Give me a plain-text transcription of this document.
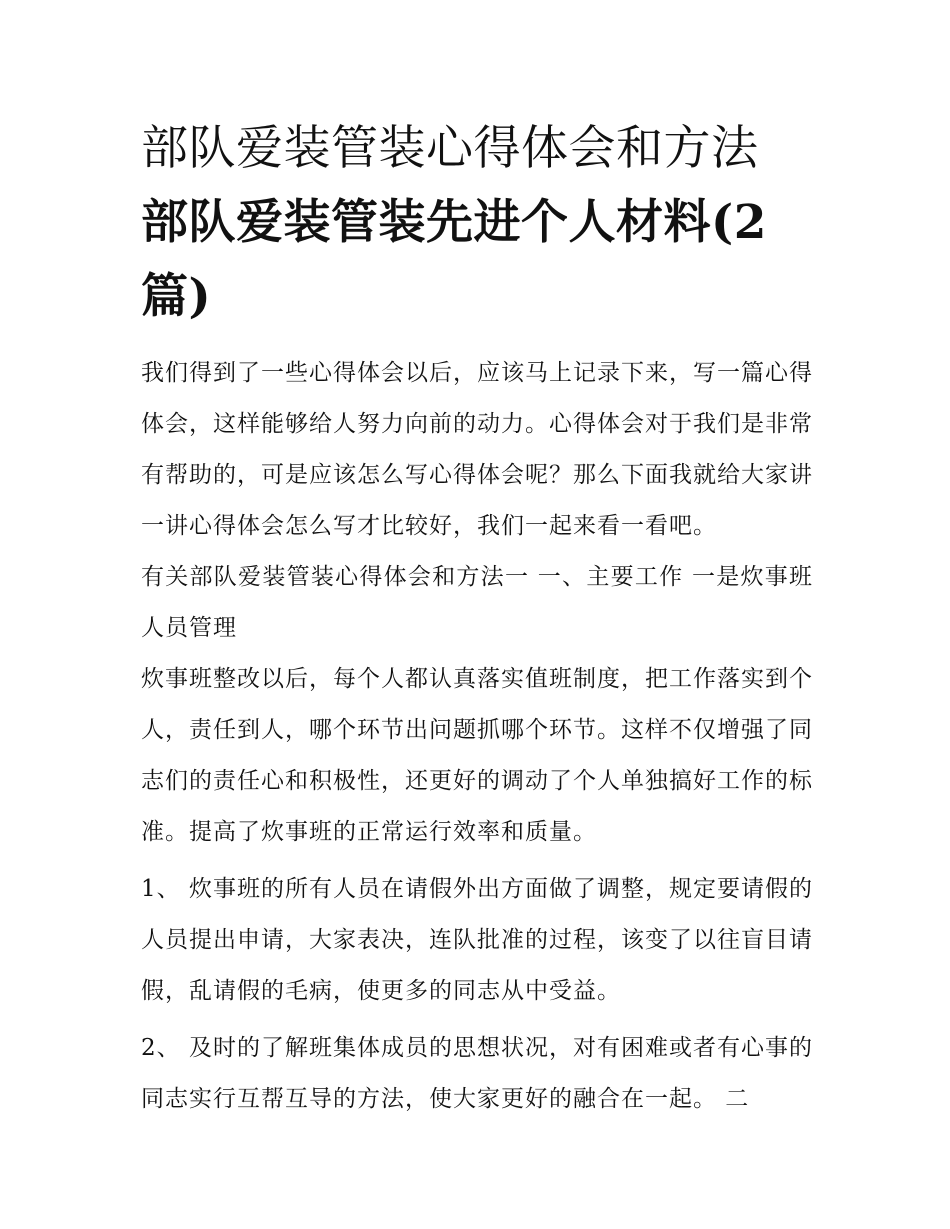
部队爱装管装心得体会和方法
部队爱装管装先进个人材料(2
篇)

我们得到了一些心得体会以后，应该马上记录下来，写一篇心得体会，这样能够给人努力向前的动力。心得体会对于我们是非常有帮助的，可是应该怎么写心得体会呢？那么下面我就给大家讲一讲心得体会怎么写才比较好，我们一起来看一看吧。

有关部队爱装管装心得体会和方法一 一、主要工作 一是炊事班人员管理

炊事班整改以后，每个人都认真落实值班制度，把工作落实到个人，责任到人，哪个环节出问题抓哪个环节。这样不仅增强了同志们的责任心和积极性，还更好的调动了个人单独搞好工作的标准。提高了炊事班的正常运行效率和质量。

1、 炊事班的所有人员在请假外出方面做了调整，规定要请假的人员提出申请，大家表决，连队批准的过程，该变了以往盲目请假，乱请假的毛病，使更多的同志从中受益。

2、 及时的了解班集体成员的思想状况，对有困难或者有心事的同志实行互帮互导的方法，使大家更好的融合在一起。 二
